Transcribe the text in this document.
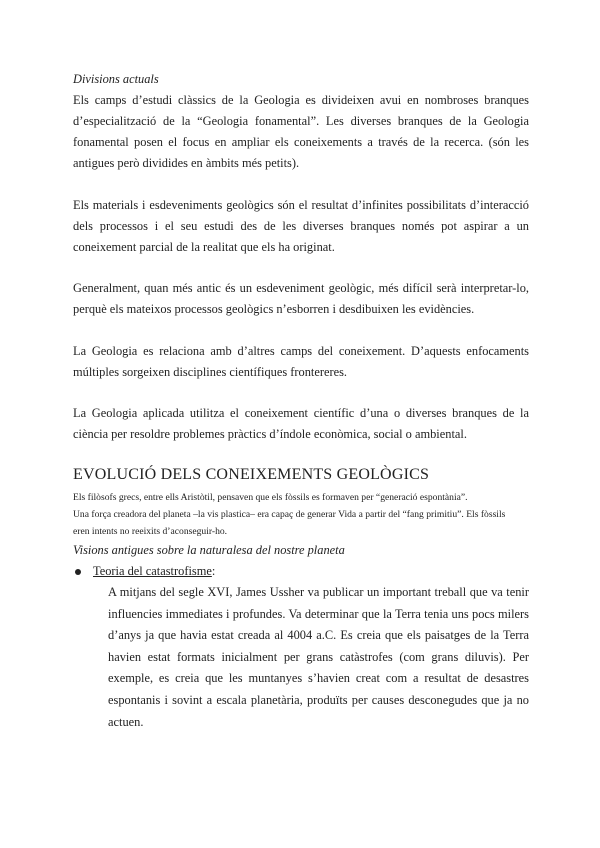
Divisions actuals

Els camps d’estudi clàssics de la Geologia es divideixen avui en nombroses branques d’especialització de la “Geologia fonamental”. Les diverses branques de la Geologia fonamental posen el focus en ampliar els coneixements a través de la recerca. (són les antigues però dividides en àmbits més petits).

Els materials i esdeveniments geològics són el resultat d’infinites possibilitats d’interacció dels processos i el seu estudi des de les diverses branques només pot aspirar a un coneixement parcial de la realitat que els ha originat.

Generalment, quan més antic és un esdeveniment geològic, més difícil serà interpretar-lo, perquè els mateixos processos geològics n’esborren i desdibuixen les evidències.

La Geologia es relaciona amb d’altres camps del coneixement. D’aquests enfocaments múltiples sorgeixen disciplines científiques frontereres.

La Geologia aplicada utilitza el coneixement científic d’una o diverses branques de la ciència per resoldre problemes pràctics d’índole econòmica, social o ambiental.

EVOLUCIÓ DELS CONEIXEMENTS GEOLÒGICS

Els filòsofs grecs, entre ells Aristòtil, pensaven que els fòssils es formaven per “generació espontània”.

Una força creadora del planeta –la vis plastica– era capaç de generar Vida a partir del “fang primitiu”. Els fòssils

eren intents no reeixits d’aconseguir-ho.

Visions antigues sobre la naturalesa del nostre planeta

Teoria del catastrofisme:

A mitjans del segle XVI, James Ussher va publicar un important treball que va tenir influencies immediates i profundes. Va determinar que la Terra tenia uns pocs milers d’anys ja que havia estat creada al 4004 a.C. Es creia que els paisatges de la Terra havien estat formats inicialment per grans catàstrofes (com grans diluvis). Per exemple, es creia que les muntanyes s’havien creat com a resultat de desastres espontanis i sovint a escala planetària, produïts per causes desconegudes que ja no actuen.
